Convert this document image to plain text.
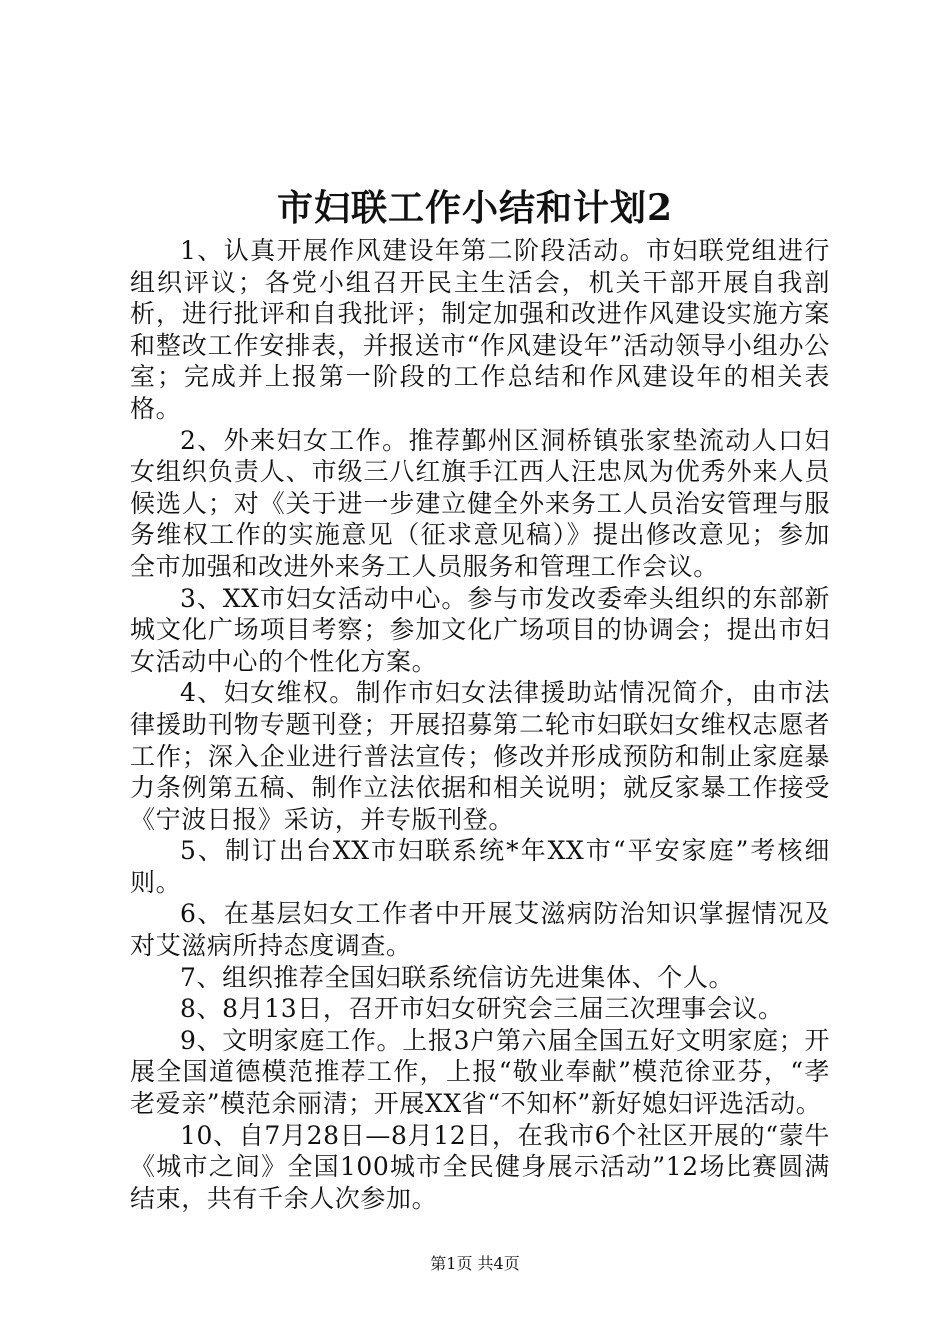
市妇联工作小结和计划2

1、认真开展作风建设年第二阶段活动。市妇联党组进行组织评议；各党小组召开民主生活会，机关干部开展自我剖析，进行批评和自我批评；制定加强和改进作风建设实施方案和整改工作安排表，并报送市“作风建设年”活动领导小组办公室；完成并上报第一阶段的工作总结和作风建设年的相关表格。

2、外来妇女工作。推荐鄞州区洞桥镇张家垫流动人口妇女组织负责人、市级三八红旗手江西人汪忠凤为优秀外来人员候选人；对《关于进一步建立健全外来务工人员治安管理与服务维权工作的实施意见（征求意见稿）》提出修改意见；参加全市加强和改进外来务工人员服务和管理工作会议。

3、XX市妇女活动中心。参与市发改委牵头组织的东部新城文化广场项目考察；参加文化广场项目的协调会；提出市妇女活动中心的个性化方案。

4、妇女维权。制作市妇女法律援助站情况简介，由市法律援助刊物专题刊登；开展招募第二轮市妇联妇女维权志愿者工作；深入企业进行普法宣传；修改并形成预防和制止家庭暴力条例第五稿、制作立法依据和相关说明；就反家暴工作接受《宁波日报》采访，并专版刊登。

5、制订出台XX市妇联系统*年XX市“平安家庭”考核细则。

6、在基层妇女工作者中开展艾滋病防治知识掌握情况及对艾滋病所持态度调查。

7、组织推荐全国妇联系统信访先进集体、个人。

8、8月13日，召开市妇女研究会三届三次理事会议。

9、文明家庭工作。上报3户第六届全国五好文明家庭；开展全国道德模范推荐工作，上报“敬业奉献”模范徐亚芬，“孝老爱亲”模范余丽清；开展XX省“不知杯”新好媳妇评选活动。

10、自7月28日—8月12日，在我市6个社区开展的“蒙牛《城市之间》全国100城市全民健身展示活动”12场比赛圆满结束，共有千余人次参加。

第1页 共4页
